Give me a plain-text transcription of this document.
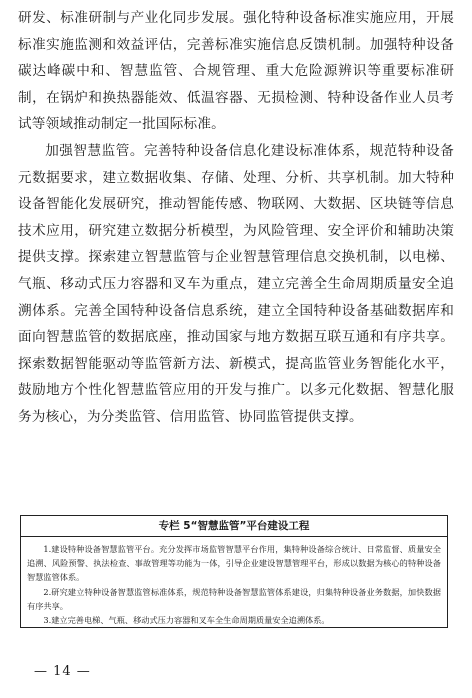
研发、标准研制与产业化同步发展。强化特种设备标准实施应用，开展标准实施监测和效益评估，完善标准实施信息反馈机制。加强特种设备碳达峰碳中和、智慧监管、合规管理、重大危险源辨识等重要标准研制，在锅炉和换热器能效、低温容器、无损检测、特种设备作业人员考试等领域推动制定一批国际标准。

加强智慧监管。完善特种设备信息化建设标准体系，规范特种设备元数据要求，建立数据收集、存储、处理、分析、共享机制。加大特种设备智能化发展研究，推动智能传感、物联网、大数据、区块链等信息技术应用，研究建立数据分析模型，为风险管理、安全评价和辅助决策提供支撑。探索建立智慧监管与企业智慧管理信息交换机制，以电梯、气瓶、移动式压力容器和叉车为重点，建立完善全生命周期质量安全追溯体系。完善全国特种设备信息系统，建立全国特种设备基础数据库和面向智慧监管的数据底座，推动国家与地方数据互联互通和有序共享。探索数据智能驱动等监管新方法、新模式，提高监管业务智能化水平，鼓励地方个性化智慧监管应用的开发与推广。以多元化数据、智慧化服务为核心，为分类监管、信用监管、协同监管提供支撑。

专栏 5“智慧监管”平台建设工程

1.建设特种设备智慧监管平台。充分发挥市场监管智慧平台作用，集特种设备综合统计、日常监督、质量安全追溯、风险预警、执法检查、事故管理等功能为一体，引导企业建设智慧管理平台，形成以数据为核心的特种设备智慧监管体系。

2.研究建立特种设备智慧监管标准体系，规范特种设备智慧监管体系建设，归集特种设备业务数据，加快数据有序共享。

3.建立完善电梯、气瓶、移动式压力容器和叉车全生命周期质量安全追溯体系。

— 14 —
